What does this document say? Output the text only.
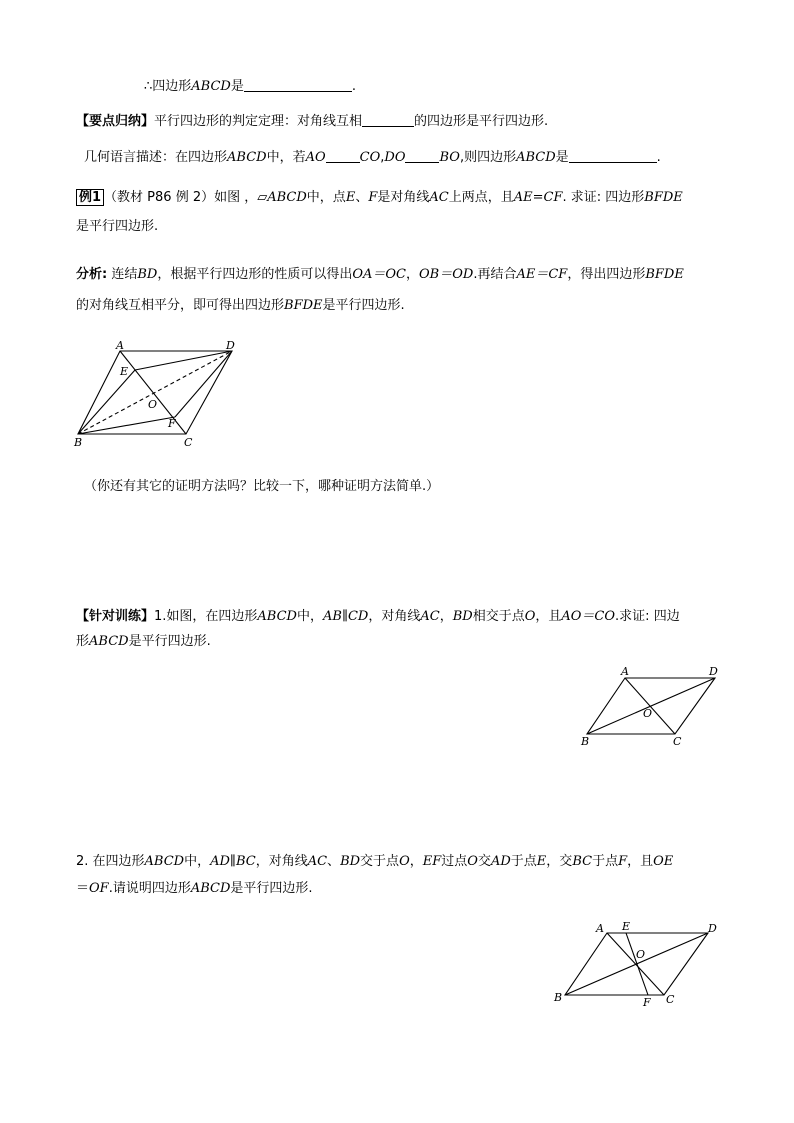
∴四边形ABCD是	.
【要点归纳】平行四边形的判定定理：对角线互相	的四边形是平行四边形.
几何语言描述：在四边形ABCD中，若AO	CO,DO	BO,则四边形ABCD是	.
例1 （教材 P86 例 2）如图 ，▱ABCD中，点E、F是对角线AC上两点，且AE=CF. 求证: 四边形BFDE
是平行四边形.
分析: 连结BD，根据平行四边形的性质可以得出OA＝OC，OB＝OD.再结合AE＝CF，得出四边形BFDE
的对角线互相平分，即可得出四边形BFDE是平行四边形.
A	D
E
O
F
B	C
（你还有其它的证明方法吗？比较一下，哪种证明方法简单.）
【针对训练】1.如图，在四边形ABCD中，AB∥CD，对角线AC，BD相交于点O，且AO＝CO.求证: 四边
形ABCD是平行四边形.
A	D
O
B	C
2. 在四边形ABCD中，AD∥BC，对角线AC、BD交于点O，EF过点O交AD于点E，交BC于点F，且OE
＝OF.请说明四边形ABCD是平行四边形.
A E	D
O
B	F C
